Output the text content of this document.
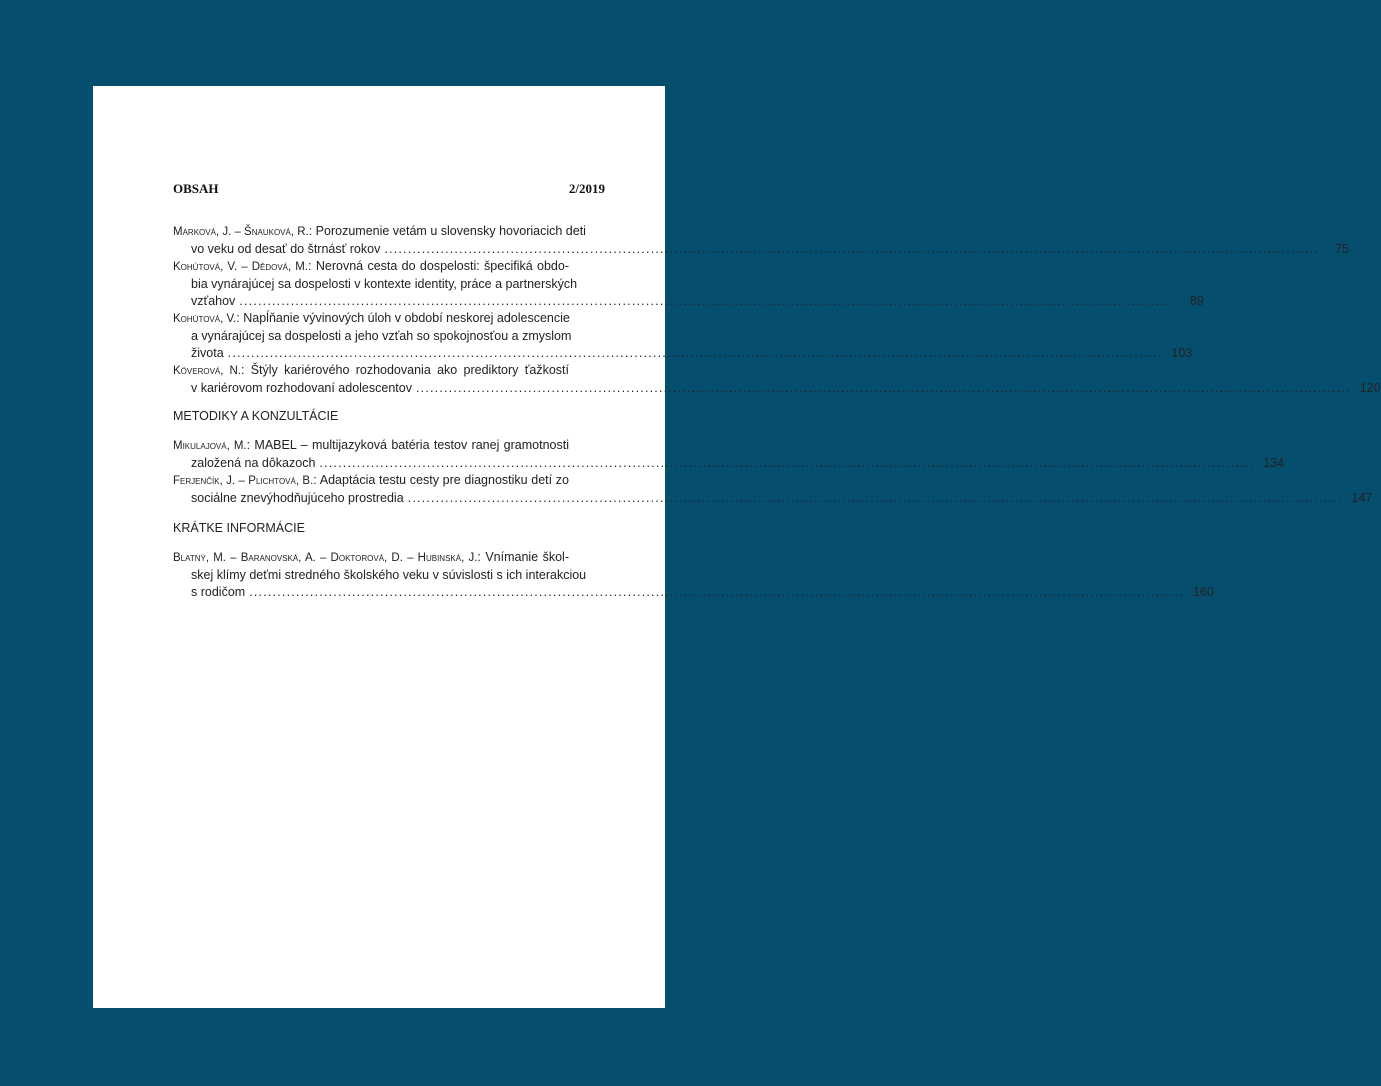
OBSAH	2/2019
Marková, J. – Šnauková, R.: Porozumenie vetám u slovensky hovoriacich deti
vo veku od desať do štrnásť rokov ........................................................................................................................................................................................................	75
Kohútová, V. – Dědová, M.: Nerovná cesta do dospelosti: špecifiká obdo-
bia vynárajúcej sa dospelosti v kontexte identity, práce a partnerských
vzťahov ........................................................................................................................................................................................................	89
Kohútová, V.: Napĺňanie vývinových úloh v období neskorej adolescencie
a vynárajúcej sa dospelosti a jeho vzťah so spokojnosťou a zmyslom
života ........................................................................................................................................................................................................ 103
Köverová, N.: Štýly kariérového rozhodovania ako prediktory ťažkostí
v kariérovom rozhodovaní adolescentov ........................................................................................................................................................................................................ 120
METODIKY A KONZULTÁCIE
Mikulajová, M.: MABEL – multijazyková batéria testov ranej gramotnosti
založená na dôkazoch ........................................................................................................................................................................................................ 134
Ferjenčík, J. – Plichtová, B.: Adaptácia testu cesty pre diagnostiku detí zo
sociálne znevýhodňujúceho prostredia ........................................................................................................................................................................................................ 147
KRÁTKE INFORMÁCIE
Blatný, M. – Baranovská, A. – Doktorová, D. – Hubinská, J.: Vnímanie škol-
skej klímy deťmi stredného školského veku v súvislosti s ich interakciou
s rodičom ........................................................................................................................................................................................................ 160
